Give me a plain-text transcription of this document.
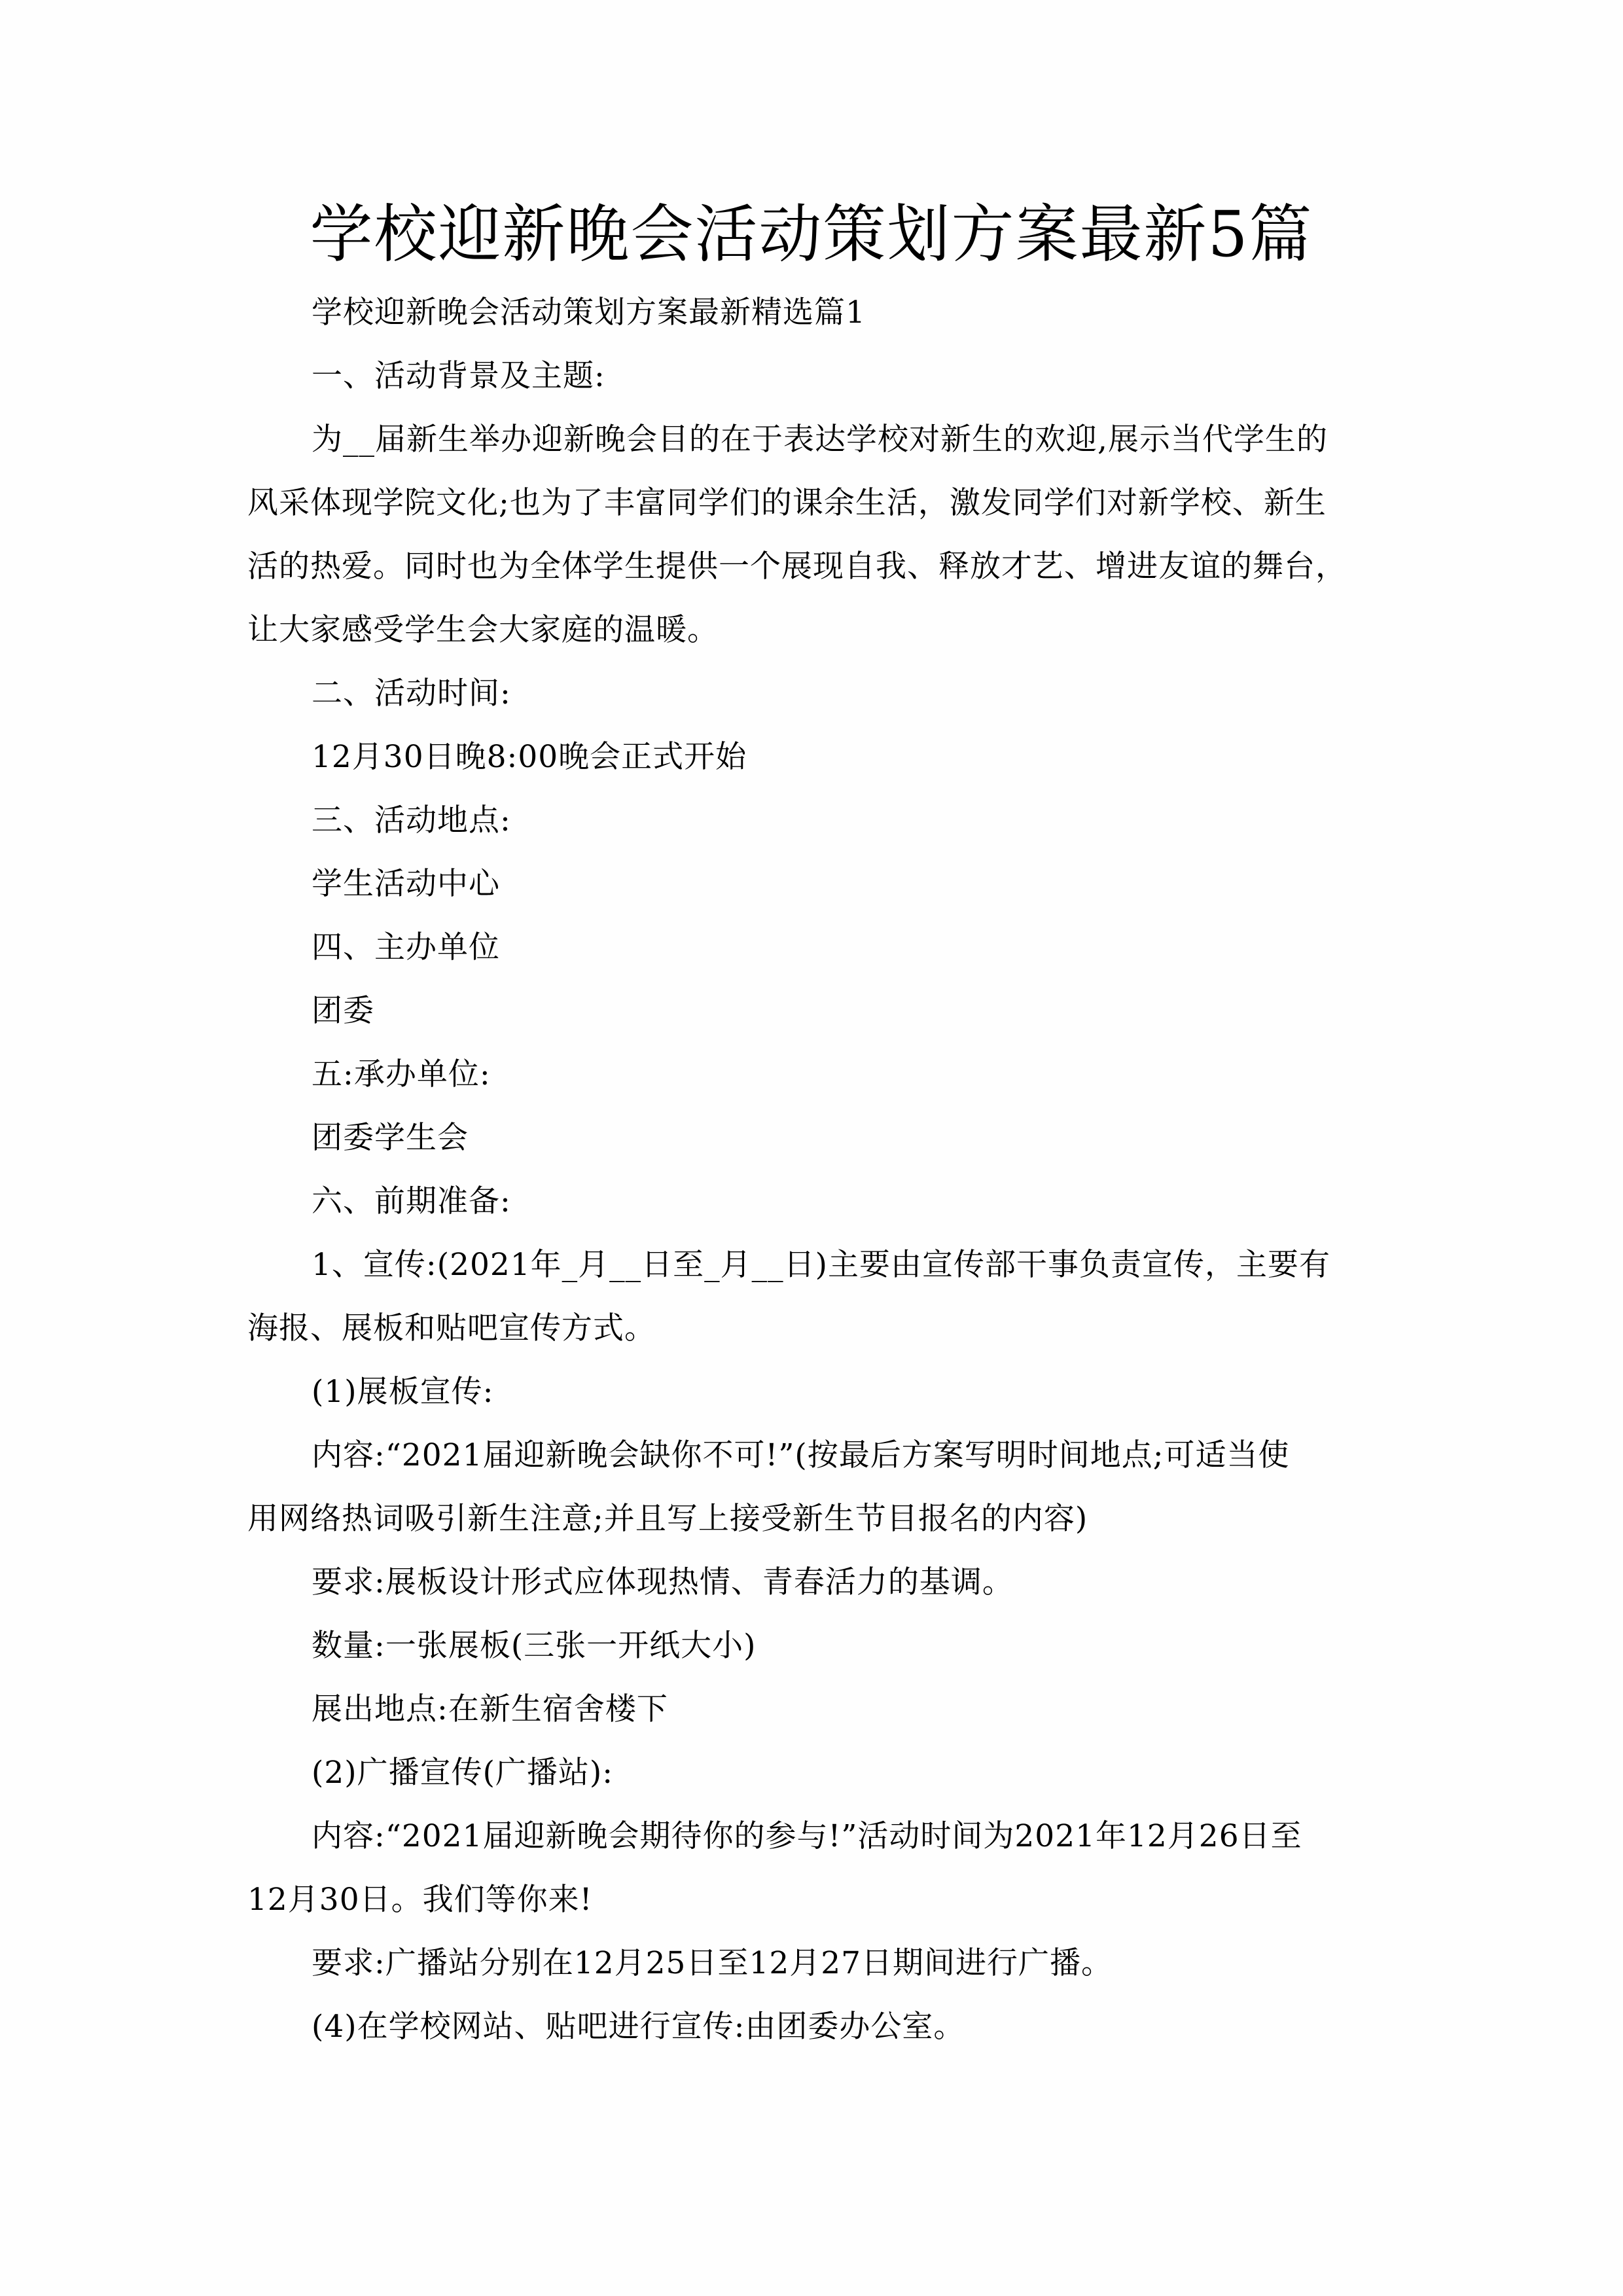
学校迎新晚会活动策划方案最新5篇
学校迎新晚会活动策划方案最新精选篇1
一、活动背景及主题:
为__届新生举办迎新晚会目的在于表达学校对新生的欢迎,展示当代学生的
风采体现学院文化;也为了丰富同学们的课余生活，激发同学们对新学校、新生
活的热爱。同时也为全体学生提供一个展现自我、释放才艺、增进友谊的舞台，
让大家感受学生会大家庭的温暖。
二、活动时间:
12月30日晚8:00晚会正式开始
三、活动地点:
学生活动中心
四、主办单位
团委
五:承办单位:
团委学生会
六、前期准备:
1、宣传:(2021年_月__日至_月__日)主要由宣传部干事负责宣传，主要有
海报、展板和贴吧宣传方式。
(1)展板宣传:
内容:“2021届迎新晚会缺你不可!”(按最后方案写明时间地点;可适当使
用网络热词吸引新生注意;并且写上接受新生节目报名的内容)
要求:展板设计形式应体现热情、青春活力的基调。
数量:一张展板(三张一开纸大小)
展出地点:在新生宿舍楼下
(2)广播宣传(广播站):
内容:“2021届迎新晚会期待你的参与!”活动时间为2021年12月26日至
12月30日。我们等你来!
要求:广播站分别在12月25日至12月27日期间进行广播。
(4)在学校网站、贴吧进行宣传:由团委办公室。
